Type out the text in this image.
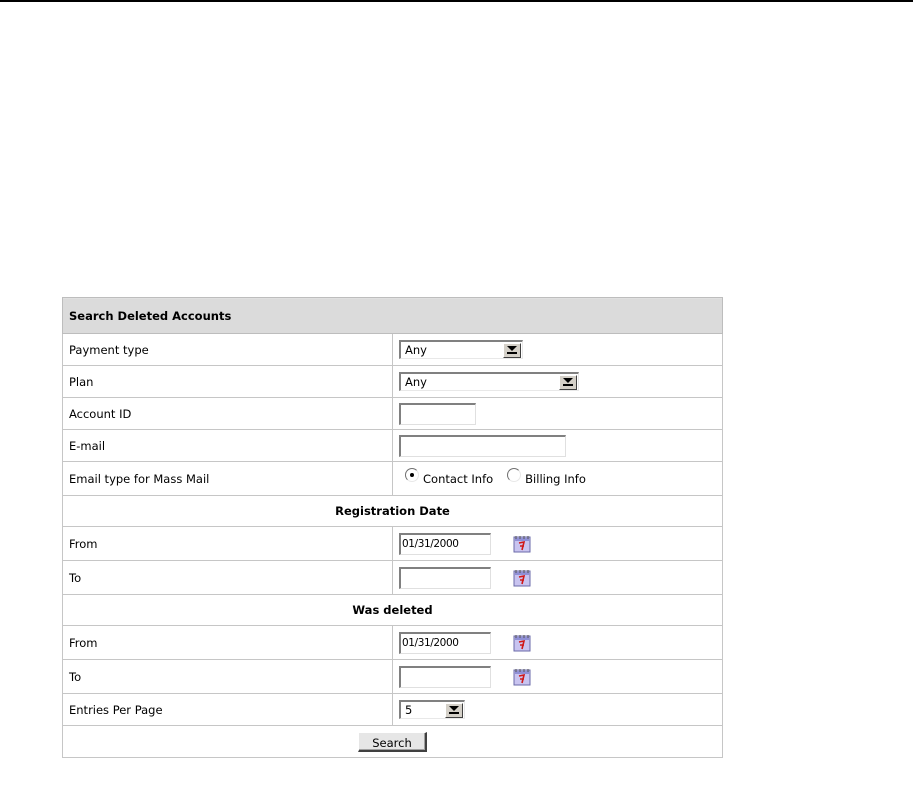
Search Deleted Accounts	
Payment type	Any

Plan	Any

Account ID	
E-mail	
Email type for Mass Mail	Contact Info Billing Info

Registration Date	
From	01/31/2000
To	
Was deleted	
From	01/31/2000
To	
Entries Per Page	5

Search	
